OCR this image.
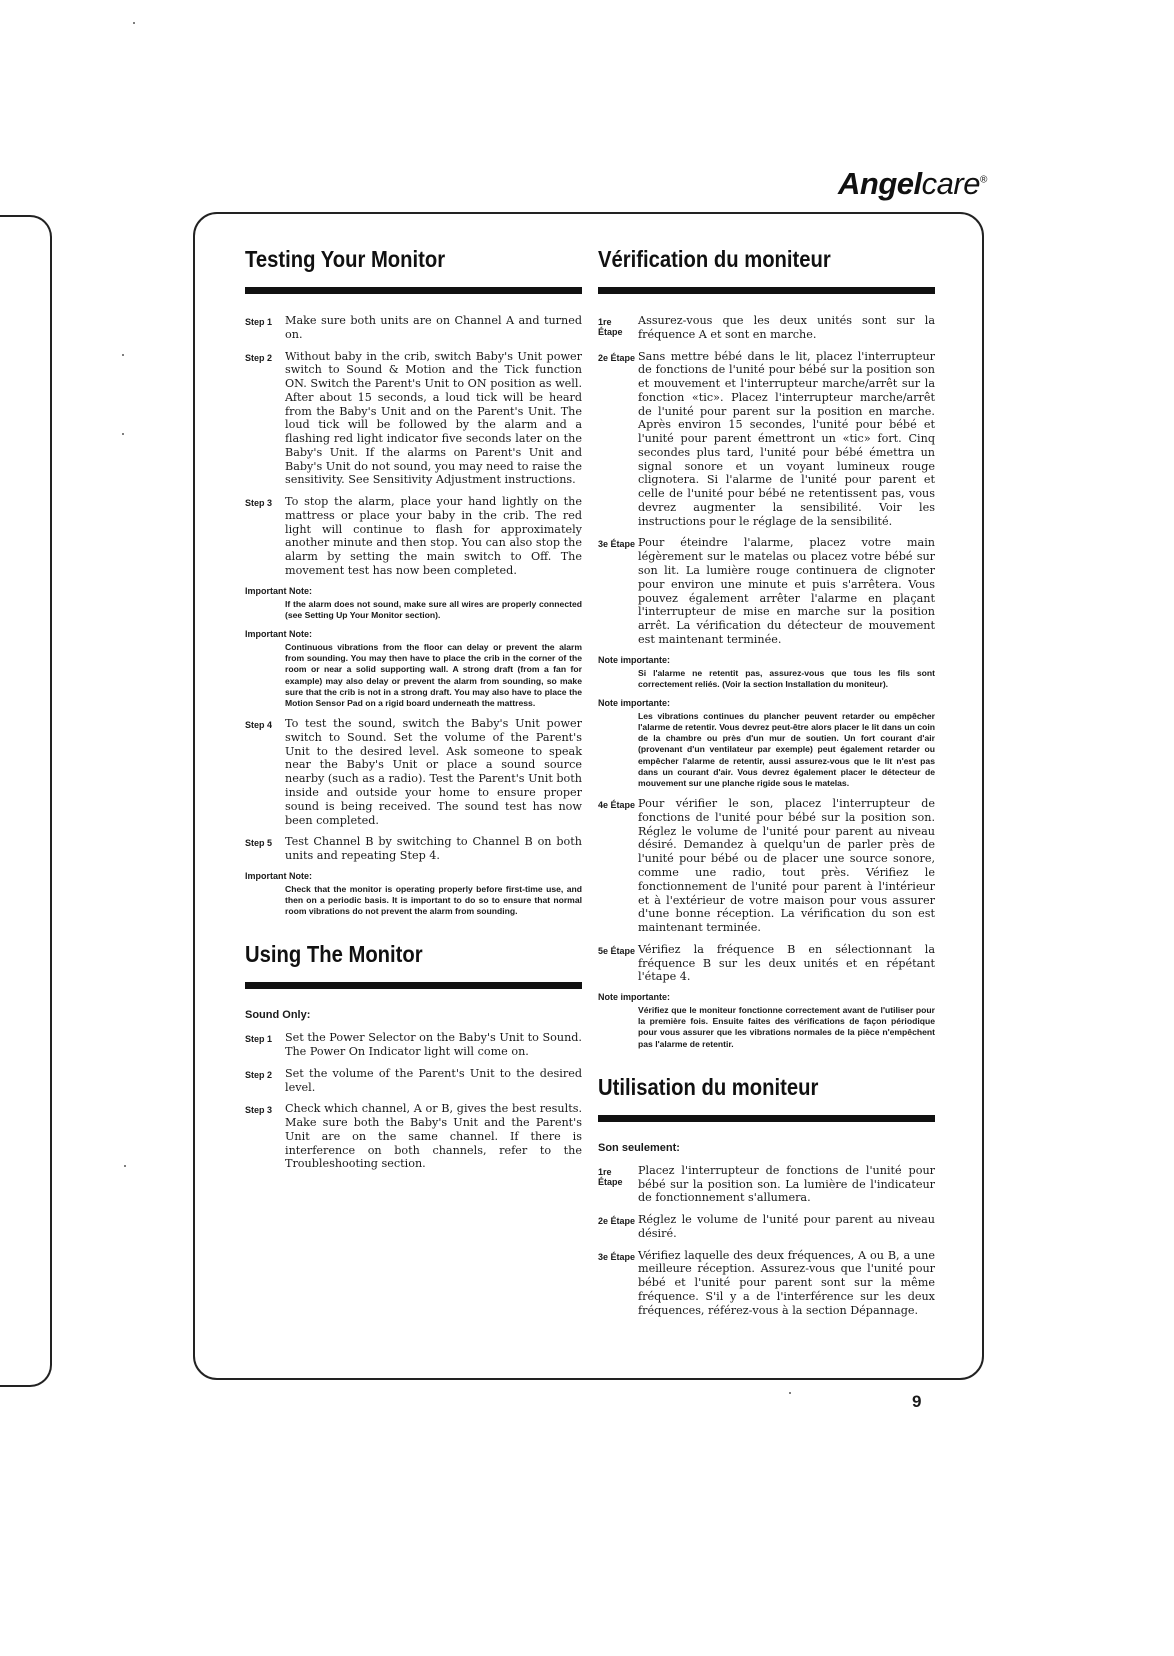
Angelcare®
Testing Your Monitor
Step 1	Make sure both units are on Channel A and turned on.
Step 2	Without baby in the crib, switch Baby's Unit power switch to Sound & Motion and the Tick function ON. Switch the Parent's Unit to ON position as well. After about 15 seconds, a loud tick will be heard from the Baby's Unit and on the Parent's Unit. The loud tick will be followed by the alarm and a flashing red light indicator five seconds later on the Baby's Unit. If the alarms on Parent's Unit and Baby's Unit do not sound, you may need to raise the sensitivity. See Sensitivity Adjustment instructions.
Step 3	To stop the alarm, place your hand lightly on the mattress or place your baby in the crib. The red light will continue to flash for approximately another minute and then stop. You can also stop the alarm by setting the main switch to Off. The movement test has now been completed.
Important Note:
If the alarm does not sound, make sure all wires are properly connected (see Setting Up Your Monitor section).
Important Note:
Continuous vibrations from the floor can delay or prevent the alarm from sounding. You may then have to place the crib in the corner of the room or near a solid supporting wall. A strong draft (from a fan for example) may also delay or prevent the alarm from sounding, so make sure that the crib is not in a strong draft. You may also have to place the Motion Sensor Pad on a rigid board underneath the mattress.
Step 4	To test the sound, switch the Baby's Unit power switch to Sound. Set the volume of the Parent's Unit to the desired level. Ask someone to speak near the Baby's Unit or place a sound source nearby (such as a radio). Test the Parent's Unit both inside and outside your home to ensure proper sound is being received. The sound test has now been completed.
Step 5	Test Channel B by switching to Channel B on both units and repeating Step 4.
Important Note:
Check that the monitor is operating properly before first-time use, and then on a periodic basis. It is important to do so to ensure that normal room vibrations do not prevent the alarm from sounding.
Using The Monitor
Sound Only:
Step 1	Set the Power Selector on the Baby's Unit to Sound. The Power On Indicator light will come on.
Step 2	Set the volume of the Parent's Unit to the desired level.
Step 3	Check which channel, A or B, gives the best results. Make sure both the Baby's Unit and the Parent's Unit are on the same channel. If there is interference on both channels, refer to the Troubleshooting section.
Vérification du moniteur
1re Étape
Assurez-vous que les deux unités sont sur la fréquence A et sont en marche.
2e Étape Sans mettre bébé dans le lit, placez l'interrupteur de fonctions de l'unité pour bébé sur la position son et mouvement et l'interrupteur marche/arrêt sur la fonction «tic». Placez l'interrupteur marche/arrêt de l'unité pour parent sur la position en marche. Après environ 15 secondes, l'unité pour bébé et l'unité pour parent émettront un «tic» fort. Cinq secondes plus tard, l'unité pour bébé émettra un signal sonore et un voyant lumineux rouge clignotera. Si l'alarme de l'unité pour parent et celle de l'unité pour bébé ne retentissent pas, vous devrez augmenter la sensibilité. Voir les instructions pour le réglage de la sensibilité.
3e Étape Pour éteindre l'alarme, placez votre main légèrement sur le matelas ou placez votre bébé sur son lit. La lumière rouge continuera de clignoter pour environ une minute et puis s'arrêtera. Vous pouvez également arrêter l'alarme en plaçant l'interrupteur de mise en marche sur la position arrêt. La vérification du détecteur de mouvement est maintenant terminée.
Note importante:
Si l'alarme ne retentit pas, assurez-vous que tous les fils sont correctement reliés. (Voir la section Installation du moniteur).
Note importante:
Les vibrations continues du plancher peuvent retarder ou empêcher l'alarme de retentir. Vous devrez peut-être alors placer le lit dans un coin de la chambre ou près d'un mur de soutien. Un fort courant d'air (provenant d'un ventilateur par exemple) peut également retarder ou empêcher l'alarme de retentir, aussi assurez-vous que le lit n'est pas dans un courant d'air. Vous devrez également placer le détecteur de mouvement sur une planche rigide sous le matelas.
4e Étape Pour vérifier le son, placez l'interrupteur de fonctions de l'unité pour bébé sur la position son. Réglez le volume de l'unité pour parent au niveau désiré. Demandez à quelqu'un de parler près de l'unité pour bébé ou de placer une source sonore, comme une radio, tout près. Vérifiez le fonctionnement de l'unité pour parent à l'intérieur et à l'extérieur de votre maison pour vous assurer d'une bonne réception. La vérification du son est maintenant terminée.
5e Étape Vérifiez la fréquence B en sélectionnant la fréquence B sur les deux unités et en répétant l'étape 4.
Note importante:
Vérifiez que le moniteur fonctionne correctement avant de l'utiliser pour la première fois. Ensuite faites des vérifications de façon périodique pour vous assurer que les vibrations normales de la pièce n'empêchent pas l'alarme de retentir.
Utilisation du moniteur
Son seulement:
1re Étape
Placez l'interrupteur de fonctions de l'unité pour bébé sur la position son. La lumière de l'indicateur de fonctionnement s'allumera.
2e Étape Réglez le volume de l'unité pour parent au niveau désiré.
3e Étape Vérifiez laquelle des deux fréquences, A ou B, a une meilleure réception. Assurez-vous que l'unité pour bébé et l'unité pour parent sont sur la même fréquence. S'il y a de l'interférence sur les deux fréquences, référez-vous à la section Dépannage.
9
